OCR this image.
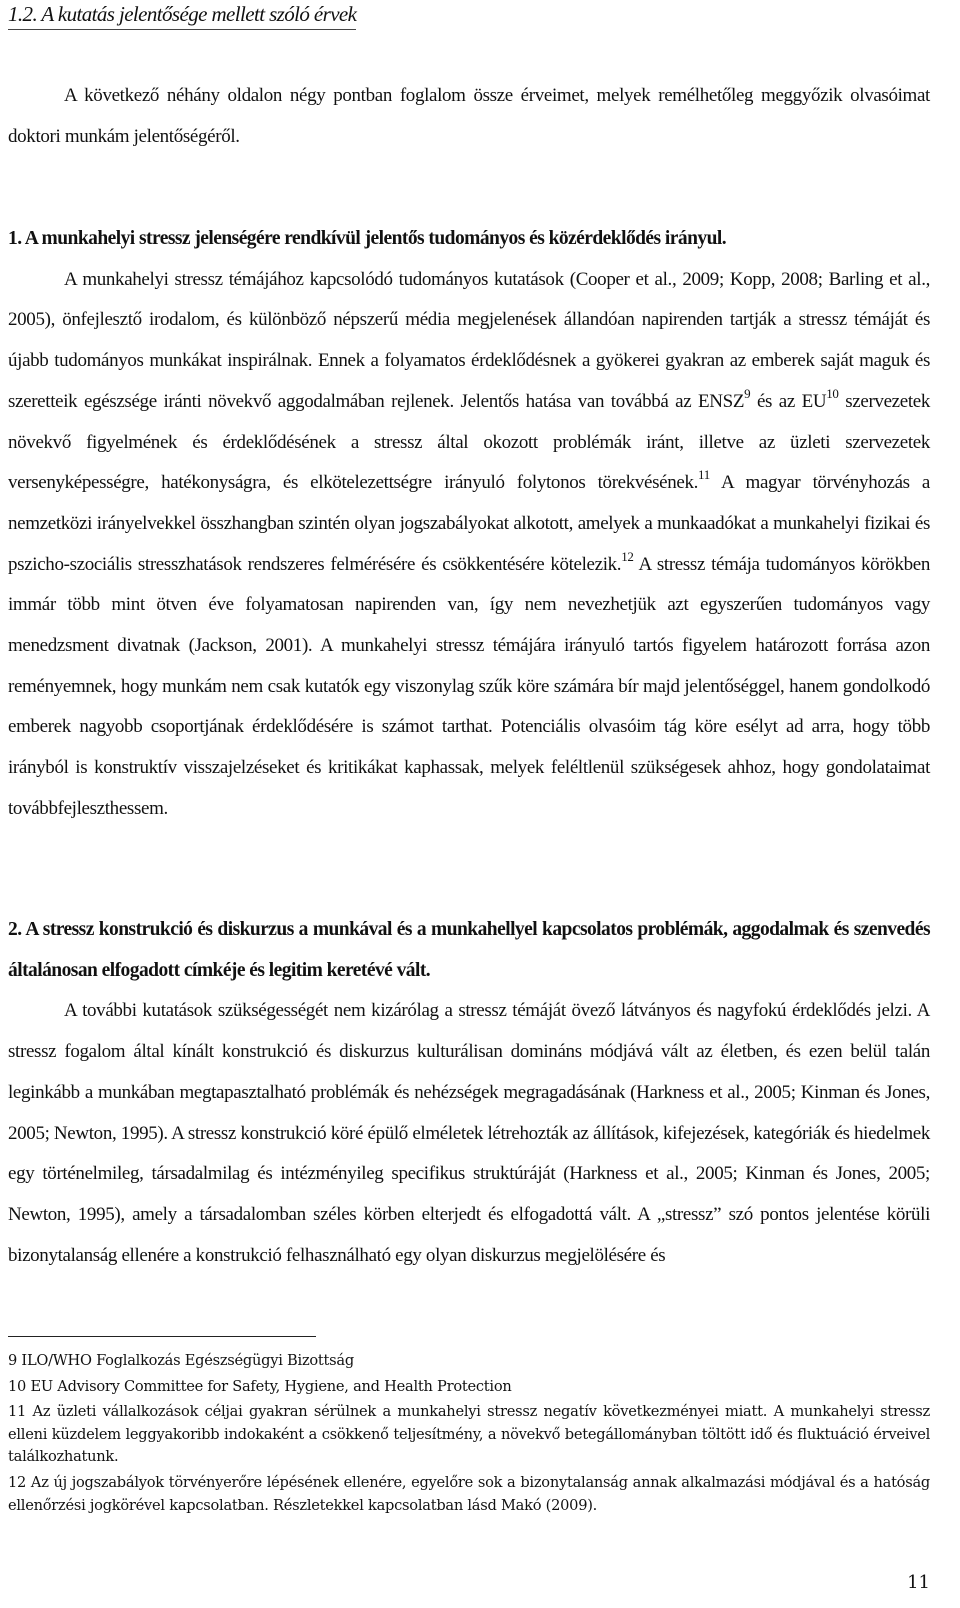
1.2. A kutatás jelentősége mellett szóló érvek

A következő néhány oldalon négy pontban foglalom össze érveimet, melyek remélhetőleg meggyőzik olvasóimat doktori munkám jelentőségéről.

1. A munkahelyi stressz jelenségére rendkívül jelentős tudományos és közérdeklődés irányul.

A munkahelyi stressz témájához kapcsolódó tudományos kutatások (Cooper et al., 2009; Kopp, 2008; Barling et al., 2005), önfejlesztő irodalom, és különböző népszerű média megjelenések állandóan napirenden tartják a stressz témáját és újabb tudományos munkákat inspirálnak. Ennek a folyamatos érdeklődésnek a gyökerei gyakran az emberek saját maguk és szeretteik egészsége iránti növekvő aggodalmában rejlenek. Jelentős hatása van továbbá az ENSZ$^9$ és az EU$^{10}$ szervezetek növekvő figyelmének és érdeklődésének a stressz által okozott problémák iránt, illetve az üzleti szervezetek versenyképességre, hatékonyságra, és elkötelezettségre irányuló folytonos törekvésének.$^{11}$ A magyar törvényhozás a nemzetközi irányelvekkel összhangban szintén olyan jogszabályokat alkotott, amelyek a munkaadókat a munkahelyi fizikai és pszicho-szociális stresszhatások rendszeres felmérésére és csökkentésére kötelezik.$^{12}$ A stressz témája tudományos körökben immár több mint ötven éve folyamatosan napirenden van, így nem nevezhetjük azt egyszerűen tudományos vagy menedzsment divatnak (Jackson, 2001). A munkahelyi stressz témájára irányuló tartós figyelem határozott forrása azon reményemnek, hogy munkám nem csak kutatók egy viszonylag szűk köre számára bír majd jelentőséggel, hanem gondolkodó emberek nagyobb csoportjának érdeklődésére is számot tarthat. Potenciális olvasóim tág köre esélyt ad arra, hogy több irányból is konstruktív visszajelzéseket és kritikákat kaphassak, melyek feléltlenül szükségesek ahhoz, hogy gondolataimat továbbfejleszthessem.

2. A stressz konstrukció és diskurzus a munkával és a munkahellyel kapcsolatos problémák, aggodalmak és szenvedés általánosan elfogadott címkéje és legitim keretévé vált.

A további kutatások szükségességét nem kizárólag a stressz témáját övező látványos és nagyfokú érdeklődés jelzi. A stressz fogalom által kínált konstrukció és diskurzus kulturálisan domináns módjává vált az életben, és ezen belül talán leginkább a munkában megtapasztalható problémák és nehézségek megragadásának (Harkness et al., 2005; Kinman és Jones, 2005; Newton, 1995). A stressz konstrukció köré épülő elméletek létrehozták az állítások, kifejezések, kategóriák és hiedelmek egy történelmileg, társadalmilag és intézményileg specifikus struktúráját (Harkness et al., 2005; Kinman és Jones, 2005; Newton, 1995), amely a társadalomban széles körben elterjedt és elfogadottá vált. A „stressz” szó pontos jelentése körüli bizonytalanság ellenére a konstrukció felhasználható egy olyan diskurzus megjelölésére és

9 ILO/WHO Foglalkozás Egészségügyi Bizottság

10 EU Advisory Committee for Safety, Hygiene, and Health Protection

11 Az üzleti vállalkozások céljai gyakran sérülnek a munkahelyi stressz negatív következményei miatt. A munkahelyi stressz elleni küzdelem leggyakoribb indokaként a csökkenő teljesítmény, a növekvő betegállományban töltött idő és fluktuáció érveivel találkozhatunk.

12 Az új jogszabályok törvényerőre lépésének ellenére, egyelőre sok a bizonytalanság annak alkalmazási módjával és a hatóság ellenőrzési jogkörével kapcsolatban. Részletekkel kapcsolatban lásd Makó (2009).

11
